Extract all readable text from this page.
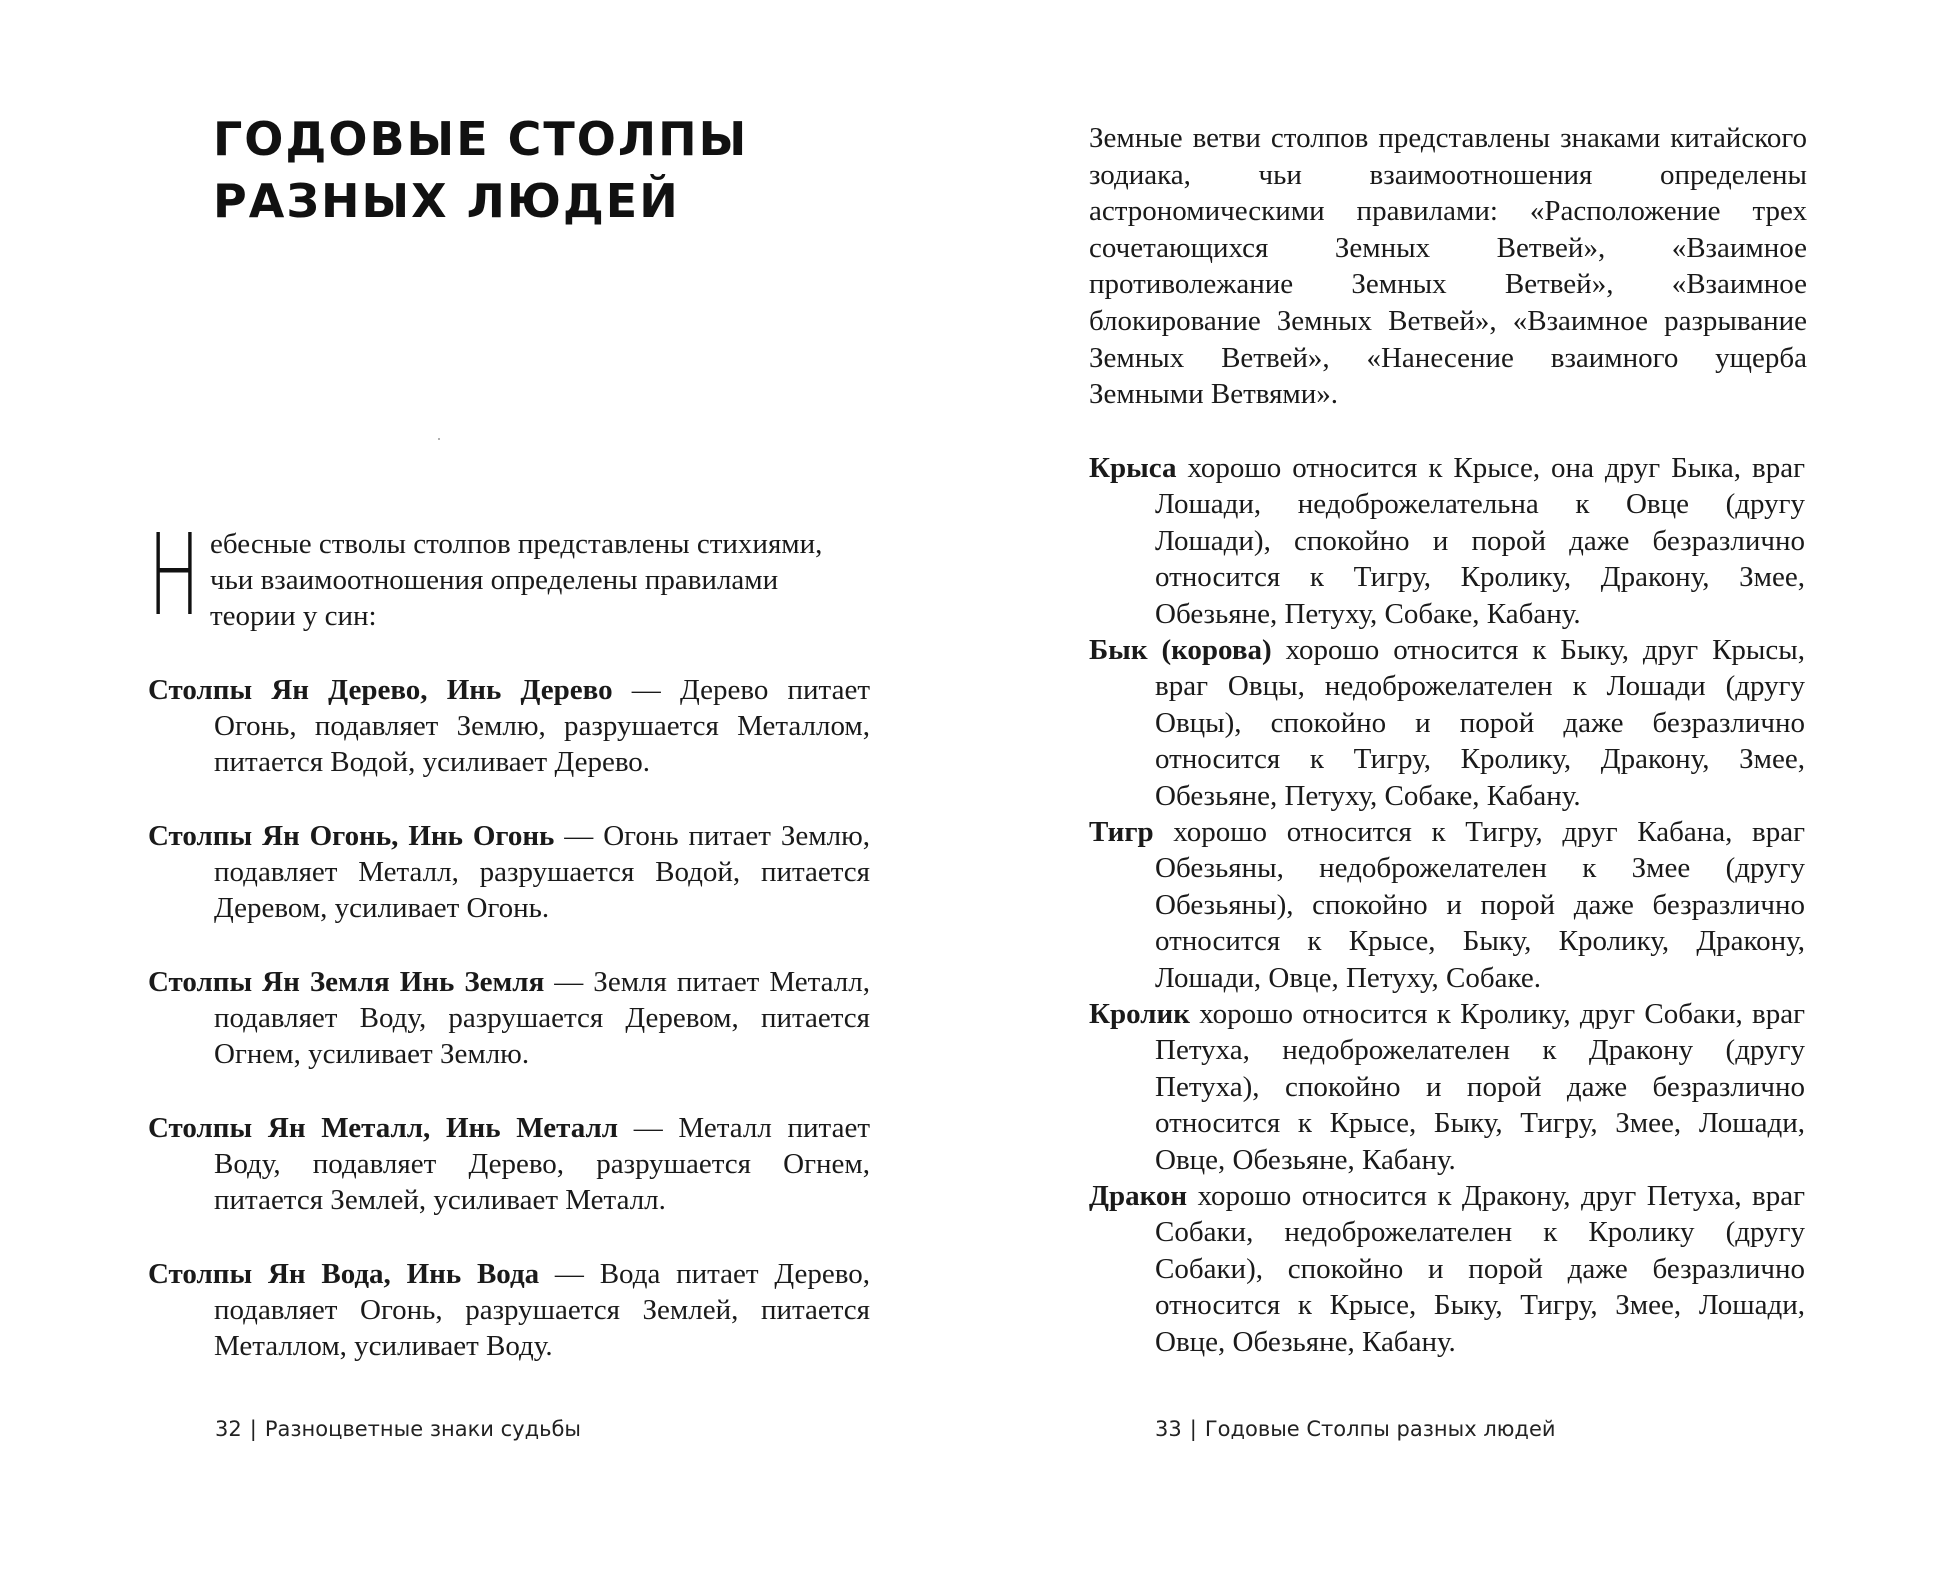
ГОДОВЫЕ СТОЛПЫ
РАЗНЫХ ЛЮДЕЙ

Небесные стволы столпов представлены стихиями, чьи взаимоотношения определены правилами теории у син:

Столпы Ян Дерево, Инь Дерево — Дерево питает Огонь, подавляет Землю, разрушается Металлом, питается Водой, усиливает Дерево.

Столпы Ян Огонь, Инь Огонь — Огонь питает Землю, подавляет Металл, разрушается Водой, питается Деревом, усиливает Огонь.

Столпы Ян Земля Инь Земля — Земля питает Металл, подавляет Воду, разрушается Деревом, питается Огнем, усиливает Землю.

Столпы Ян Металл, Инь Металл — Металл питает Воду, подавляет Дерево, разрушается Огнем, питается Землей, усиливает Металл.

Столпы Ян Вода, Инь Вода — Вода питает Дерево, подавляет Огонь, разрушается Землей, питается Металлом, усиливает Воду.

32 | Разноцветные знаки судьбы

Земные ветви столпов представлены знаками китайского зодиака, чьи взаимоотношения определены астрономическими правилами: «Расположение трех сочетающихся Земных Ветвей», «Взаимное противолежание Земных Ветвей», «Взаимное блокирование Земных Ветвей», «Взаимное разрывание Земных Ветвей», «Нанесение взаимного ущерба Земными Ветвями».

Крыса хорошо относится к Крысе, она друг Быка, враг Лошади, недоброжелательна к Овце (другу Лошади), спокойно и порой даже безразлично относится к Тигру, Кролику, Дракону, Змее, Обезьяне, Петуху, Собаке, Кабану.

Бык (корова) хорошо относится к Быку, друг Крысы, враг Овцы, недоброжелателен к Лошади (другу Овцы), спокойно и порой даже безразлично относится к Тигру, Кролику, Дракону, Змее, Обезьяне, Петуху, Собаке, Кабану.

Тигр хорошо относится к Тигру, друг Кабана, враг Обезьяны, недоброжелателен к Змее (другу Обезьяны), спокойно и порой даже безразлично относится к Крысе, Быку, Кролику, Дракону, Лошади, Овце, Петуху, Собаке.

Кролик хорошо относится к Кролику, друг Собаки, враг Петуха, недоброжелателен к Дракону (другу Петуха), спокойно и порой даже безразлично относится к Крысе, Быку, Тигру, Змее, Лошади, Овце, Обезьяне, Кабану.

Дракон хорошо относится к Дракону, друг Петуха, враг Собаки, недоброжелателен к Кролику (другу Собаки), спокойно и порой даже безразлично относится к Крысе, Быку, Тигру, Змее, Лошади, Овце, Обезьяне, Кабану.

33 | Годовые Столпы разных людей
